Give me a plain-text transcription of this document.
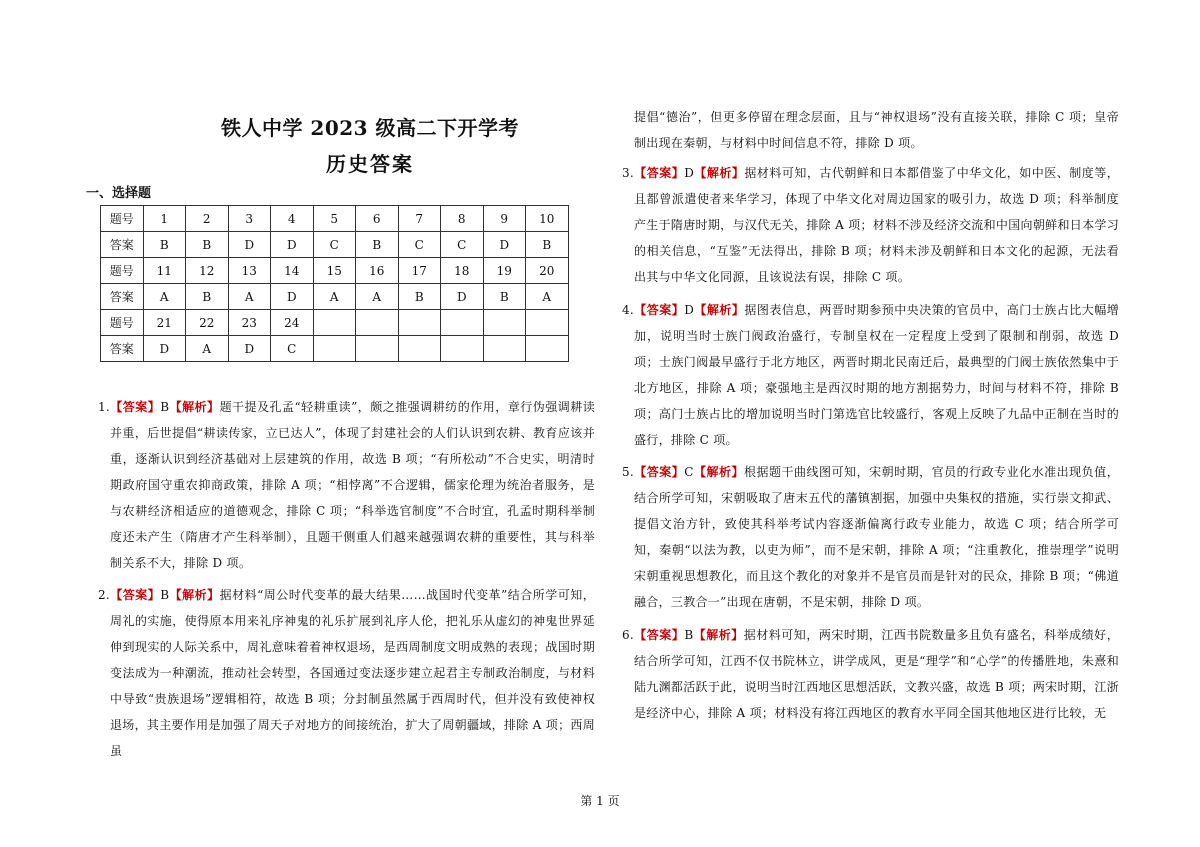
铁人中学 2023 级高二下开学考
历史答案
一、选择题
题号	1	2	3	4	5	6	7	8	9	10
答案	B	B	D	D	C	B	C	C	D	B
题号	11	12	13	14	15	16	17	18	19	20
答案	A	B	A	D	A	A	B	D	B	A
题号	21	22	23	24						
答案	D	A	D	C						
1.【答案】B【解析】题干提及孔孟“轻耕重读”，颇之推强调耕纺的作用，章行伪强调耕读并重，后世提倡“耕读传家，立已达人”，体现了封建社会的人们认识到农耕、教育应该并重，逐渐认识到经济基础对上层建筑的作用，故选 B 项；“有所松动”不合史实，明清时期政府国守重农抑商政策，排除 A 项；“相悖离”不合逻辑，儒家伦理为统治者服务，是与农耕经济相适应的道德观念，排除 C 项；“科举选官制度”不合时宜，孔孟时期科举制度还未产生（隋唐才产生科举制），且题干侧重人们越来越强调农耕的重要性，其与科举制关系不大，排除 D 项。
2.【答案】B【解析】据材料“周公时代变革的最大结果……战国时代变革”结合所学可知，周礼的实施，使得原本用来礼序神鬼的礼乐扩展到礼序人伦，把礼乐从虚幻的神鬼世界延伸到现实的人际关系中，周礼意味着着神权退场，是西周制度文明成熟的表现；战国时期变法成为一种潮流，推动社会转型，各国通过变法逐步建立起君主专制政治制度，与材料中导致“贵族退场”逻辑相符，故选 B 项；分封制虽然属于西周时代，但并没有致使神权退场，其主要作用是加强了周天子对地方的间接统治，扩大了周朝疆域，排除 A 项；西周虽
提倡“德治”，但更多停留在理念层面，且与“神权退场”没有直接关联，排除 C 项；皇帝制出现在秦朝，与材料中时间信息不符，排除 D 项。
3.【答案】D【解析】据材料可知，古代朝鲜和日本都借鉴了中华文化，如中医、制度等，且都曾派遣使者来华学习，体现了中华文化对周边国家的吸引力，故选 D 项；科举制度产生于隋唐时期，与汉代无关，排除 A 项；材料不涉及经济交流和中国向朝鲜和日本学习的相关信息，“互鉴”无法得出，排除 B 项；材料未涉及朝鲜和日本文化的起源，无法看出其与中华文化同源，且该说法有误，排除 C 项。
4.【答案】D【解析】据图表信息，两晋时期参预中央决策的官员中，高门士族占比大幅增加，说明当时士族门阀政治盛行，专制皇权在一定程度上受到了限制和削弱，故选 D 项；士族门阀最早盛行于北方地区，两晋时期北民南迁后，最典型的门阀士族依然集中于北方地区，排除 A 项；豪强地主是西汉时期的地方割据势力，时间与材料不符，排除 B 项；高门士族占比的增加说明当时门第选官比较盛行，客观上反映了九品中正制在当时的盛行，排除 C 项。
5.【答案】C【解析】根据题干曲线图可知，宋朝时期，官员的行政专业化水准出现负值，结合所学可知，宋朝吸取了唐末五代的藩镇割据，加强中央集权的措施，实行崇文抑武、提倡文治方针，致使其科举考试内容逐渐偏离行政专业能力，故选 C 项；结合所学可知，秦朝“以法为教，以吏为师”，而不是宋朝，排除 A 项；“注重教化，推崇理学”说明宋朝重视思想教化，而且这个教化的对象并不是官员而是针对的民众，排除 B 项；“佛道融合，三教合一”出现在唐朝，不是宋朝，排除 D 项。
6.【答案】B【解析】据材料可知，两宋时期，江西书院数量多且负有盛名，科举成绩好，结合所学可知，江西不仅书院林立，讲学成风，更是“理学”和“心学”的传播胜地，朱熹和陆九渊都活跃于此，说明当时江西地区思想活跃，文教兴盛，故选 B 项；两宋时期，江浙是经济中心，排除 A 项；材料没有将江西地区的教育水平同全国其他地区进行比较，无
第 1 页
